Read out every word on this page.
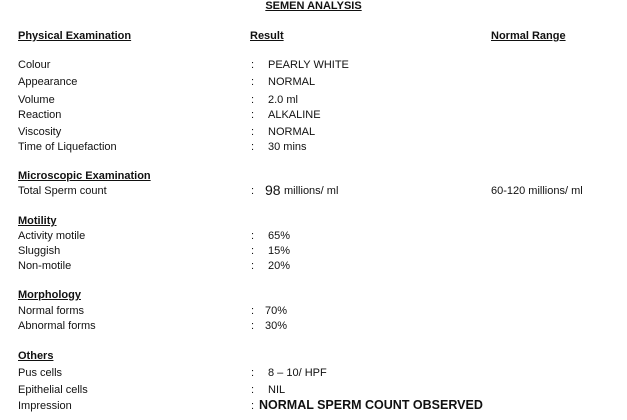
SEMEN ANALYSIS
Physical Examination	Result	Normal Range
Colour	: PEARLY WHITE
Appearance	: NORMAL
Volume	: 2.0 ml
Reaction	: ALKALINE
Viscosity	: NORMAL
Time of Liquefaction	: 30 mins
Microscopic Examination
Total Sperm count	: 98 millions/ ml	60-120 millions/ ml
Motility
Activity motile	: 65%
Sluggish	: 15%
Non-motile	: 20%
Morphology
Normal forms	: 70%
Abnormal forms	: 30%
Others
Pus cells	: 8 – 10/ HPF
Epithelial cells	: NIL
Impression	: NORMAL SPERM COUNT OBSERVED
